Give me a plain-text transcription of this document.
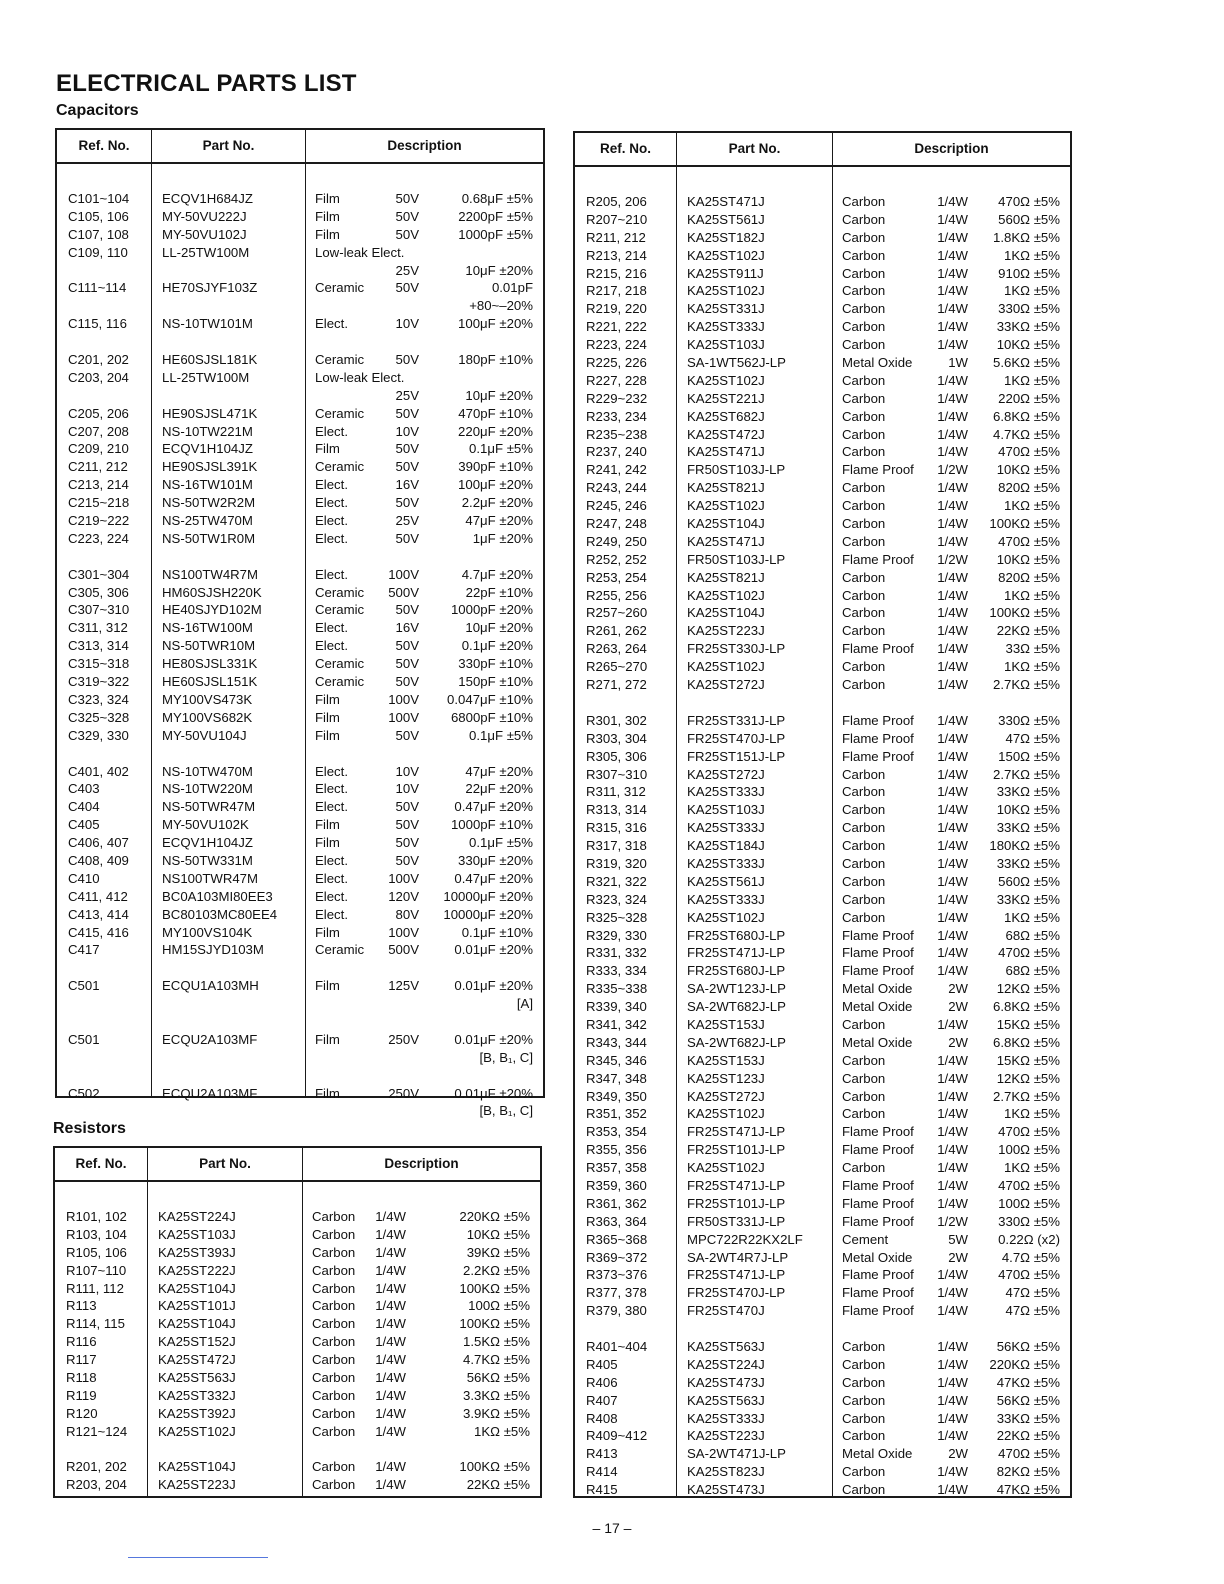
ELECTRICAL PARTS LIST
Capacitors
Ref. No.	Part No.	Description
C101~104	ECQV1H684JZ	Film	50V	0.68μF ±5%
C105, 106	MY-50VU222J	Film	50V	2200pF ±5%
C107, 108	MY-50VU102J	Film	50V	1000pF ±5%
C109, 110	LL-25TW100M	Low-leak Elect.
25V	10μF ±20%
C111~114	HE70SJYF103Z	Ceramic	50V	0.01pF
+80~–20%
C115, 116	NS-10TW101M	Elect.	10V	100μF ±20%
C201, 202	HE60SJSL181K	Ceramic	50V	180pF ±10%
C203, 204	LL-25TW100M	Low-leak Elect.
25V	10μF ±20%
C205, 206	HE90SJSL471K	Ceramic	50V	470pF ±10%
C207, 208	NS-10TW221M	Elect.	10V	220μF ±20%
C209, 210	ECQV1H104JZ	Film	50V	0.1μF ±5%
C211, 212	HE90SJSL391K	Ceramic	50V	390pF ±10%
C213, 214	NS-16TW101M	Elect.	16V	100μF ±20%
C215~218	NS-50TW2R2M	Elect.	50V	2.2μF ±20%
C219~222	NS-25TW470M	Elect.	25V	47μF ±20%
C223, 224	NS-50TW1R0M	Elect.	50V	1μF ±20%
C301~304	NS100TW4R7M	Elect.	100V	4.7μF ±20%
C305, 306	HM60SJSH220K	Ceramic	500V	22pF ±10%
C307~310	HE40SJYD102M	Ceramic	50V	1000pF ±20%
C311, 312	NS-16TW100M	Elect.	16V	10μF ±20%
C313, 314	NS-50TWR10M	Elect.	50V	0.1μF ±20%
C315~318	HE80SJSL331K	Ceramic	50V	330pF ±10%
C319~322	HE60SJSL151K	Ceramic	50V	150pF ±10%
C323, 324	MY100VS473K	Film	100V	0.047μF ±10%
C325~328	MY100VS682K	Film	100V	6800pF ±10%
C329, 330	MY-50VU104J	Film	50V	0.1μF ±5%
C401, 402	NS-10TW470M	Elect.	10V	47μF ±20%
C403	NS-10TW220M	Elect.	10V	22μF ±20%
C404	NS-50TWR47M	Elect.	50V	0.47μF ±20%
C405	MY-50VU102K	Film	50V	1000pF ±10%
C406, 407	ECQV1H104JZ	Film	50V	0.1μF ±5%
C408, 409	NS-50TW331M	Elect.	50V	330μF ±20%
C410	NS100TWR47M	Elect.	100V	0.47μF ±20%
C411, 412	BC0A103MI80EE3	Elect.	120V	10000μF ±20%
C413, 414	BC80103MC80EE4	Elect.	80V	10000μF ±20%
C415, 416	MY100VS104K	Film	100V	0.1μF ±10%
C417	HM15SJYD103M	Ceramic	500V	0.01μF ±20%
C501	ECQU1A103MH	Film	125V	0.01μF ±20%
[A]
C501	ECQU2A103MF	Film	250V	0.01μF ±20%
[B, B₁, C]
C502	ECQU2A103MF	Film	250V	0.01μF ±20%
[B, B₁, C]
Resistors
Ref. No.	Part No.	Description
R101, 102	KA25ST224J	Carbon	1/4W	220KΩ ±5%
R103, 104	KA25ST103J	Carbon	1/4W	10KΩ ±5%
R105, 106	KA25ST393J	Carbon	1/4W	39KΩ ±5%
R107~110	KA25ST222J	Carbon	1/4W	2.2KΩ ±5%
R111, 112	KA25ST104J	Carbon	1/4W	100KΩ ±5%
R113	KA25ST101J	Carbon	1/4W	100Ω ±5%
R114, 115	KA25ST104J	Carbon	1/4W	100KΩ ±5%
R116	KA25ST152J	Carbon	1/4W	1.5KΩ ±5%
R117	KA25ST472J	Carbon	1/4W	4.7KΩ ±5%
R118	KA25ST563J	Carbon	1/4W	56KΩ ±5%
R119	KA25ST332J	Carbon	1/4W	3.3KΩ ±5%
R120	KA25ST392J	Carbon	1/4W	3.9KΩ ±5%
R121~124	KA25ST102J	Carbon	1/4W	1KΩ ±5%
R201, 202	KA25ST104J	Carbon	1/4W	100KΩ ±5%
R203, 204	KA25ST223J	Carbon	1/4W	22KΩ ±5%
Ref. No.	Part No.	Description
R205, 206	KA25ST471J	Carbon	1/4W	470Ω ±5%
R207~210	KA25ST561J	Carbon	1/4W	560Ω ±5%
R211, 212	KA25ST182J	Carbon	1/4W	1.8KΩ ±5%
R213, 214	KA25ST102J	Carbon	1/4W	1KΩ ±5%
R215, 216	KA25ST911J	Carbon	1/4W	910Ω ±5%
R217, 218	KA25ST102J	Carbon	1/4W	1KΩ ±5%
R219, 220	KA25ST331J	Carbon	1/4W	330Ω ±5%
R221, 222	KA25ST333J	Carbon	1/4W	33KΩ ±5%
R223, 224	KA25ST103J	Carbon	1/4W	10KΩ ±5%
R225, 226	SA-1WT562J-LP	Metal Oxide	1W	5.6KΩ ±5%
R227, 228	KA25ST102J	Carbon	1/4W	1KΩ ±5%
R229~232	KA25ST221J	Carbon	1/4W	220Ω ±5%
R233, 234	KA25ST682J	Carbon	1/4W	6.8KΩ ±5%
R235~238	KA25ST472J	Carbon	1/4W	4.7KΩ ±5%
R237, 240	KA25ST471J	Carbon	1/4W	470Ω ±5%
R241, 242	FR50ST103J-LP	Flame Proof	1/2W	10KΩ ±5%
R243, 244	KA25ST821J	Carbon	1/4W	820Ω ±5%
R245, 246	KA25ST102J	Carbon	1/4W	1KΩ ±5%
R247, 248	KA25ST104J	Carbon	1/4W	100KΩ ±5%
R249, 250	KA25ST471J	Carbon	1/4W	470Ω ±5%
R252, 252	FR50ST103J-LP	Flame Proof	1/2W	10KΩ ±5%
R253, 254	KA25ST821J	Carbon	1/4W	820Ω ±5%
R255, 256	KA25ST102J	Carbon	1/4W	1KΩ ±5%
R257~260	KA25ST104J	Carbon	1/4W	100KΩ ±5%
R261, 262	KA25ST223J	Carbon	1/4W	22KΩ ±5%
R263, 264	FR25ST330J-LP	Flame Proof	1/4W	33Ω ±5%
R265~270	KA25ST102J	Carbon	1/4W	1KΩ ±5%
R271, 272	KA25ST272J	Carbon	1/4W	2.7KΩ ±5%
R301, 302	FR25ST331J-LP	Flame Proof	1/4W	330Ω ±5%
R303, 304	FR25ST470J-LP	Flame Proof	1/4W	47Ω ±5%
R305, 306	FR25ST151J-LP	Flame Proof	1/4W	150Ω ±5%
R307~310	KA25ST272J	Carbon	1/4W	2.7KΩ ±5%
R311, 312	KA25ST333J	Carbon	1/4W	33KΩ ±5%
R313, 314	KA25ST103J	Carbon	1/4W	10KΩ ±5%
R315, 316	KA25ST333J	Carbon	1/4W	33KΩ ±5%
R317, 318	KA25ST184J	Carbon	1/4W	180KΩ ±5%
R319, 320	KA25ST333J	Carbon	1/4W	33KΩ ±5%
R321, 322	KA25ST561J	Carbon	1/4W	560Ω ±5%
R323, 324	KA25ST333J	Carbon	1/4W	33KΩ ±5%
R325~328	KA25ST102J	Carbon	1/4W	1KΩ ±5%
R329, 330	FR25ST680J-LP	Flame Proof	1/4W	68Ω ±5%
R331, 332	FR25ST471J-LP	Flame Proof	1/4W	470Ω ±5%
R333, 334	FR25ST680J-LP	Flame Proof	1/4W	68Ω ±5%
R335~338	SA-2WT123J-LP	Metal Oxide	2W	12KΩ ±5%
R339, 340	SA-2WT682J-LP	Metal Oxide	2W	6.8KΩ ±5%
R341, 342	KA25ST153J	Carbon	1/4W	15KΩ ±5%
R343, 344	SA-2WT682J-LP	Metal Oxide	2W	6.8KΩ ±5%
R345, 346	KA25ST153J	Carbon	1/4W	15KΩ ±5%
R347, 348	KA25ST123J	Carbon	1/4W	12KΩ ±5%
R349, 350	KA25ST272J	Carbon	1/4W	2.7KΩ ±5%
R351, 352	KA25ST102J	Carbon	1/4W	1KΩ ±5%
R353, 354	FR25ST471J-LP	Flame Proof	1/4W	470Ω ±5%
R355, 356	FR25ST101J-LP	Flame Proof	1/4W	100Ω ±5%
R357, 358	KA25ST102J	Carbon	1/4W	1KΩ ±5%
R359, 360	FR25ST471J-LP	Flame Proof	1/4W	470Ω ±5%
R361, 362	FR25ST101J-LP	Flame Proof	1/4W	100Ω ±5%
R363, 364	FR50ST331J-LP	Flame Proof	1/2W	330Ω ±5%
R365~368	MPC722R22KX2LF	Cement	5W	0.22Ω (x2)
R369~372	SA-2WT4R7J-LP	Metal Oxide	2W	4.7Ω ±5%
R373~376	FR25ST471J-LP	Flame Proof	1/4W	470Ω ±5%
R377, 378	FR25ST470J-LP	Flame Proof	1/4W	47Ω ±5%
R379, 380	FR25ST470J	Flame Proof	1/4W	47Ω ±5%
R401~404	KA25ST563J	Carbon	1/4W	56KΩ ±5%
R405	KA25ST224J	Carbon	1/4W	220KΩ ±5%
R406	KA25ST473J	Carbon	1/4W	47KΩ ±5%
R407	KA25ST563J	Carbon	1/4W	56KΩ ±5%
R408	KA25ST333J	Carbon	1/4W	33KΩ ±5%
R409~412	KA25ST223J	Carbon	1/4W	22KΩ ±5%
R413	SA-2WT471J-LP	Metal Oxide	2W	470Ω ±5%
R414	KA25ST823J	Carbon	1/4W	82KΩ ±5%
R415	KA25ST473J	Carbon	1/4W	47KΩ ±5%
– 17 –
